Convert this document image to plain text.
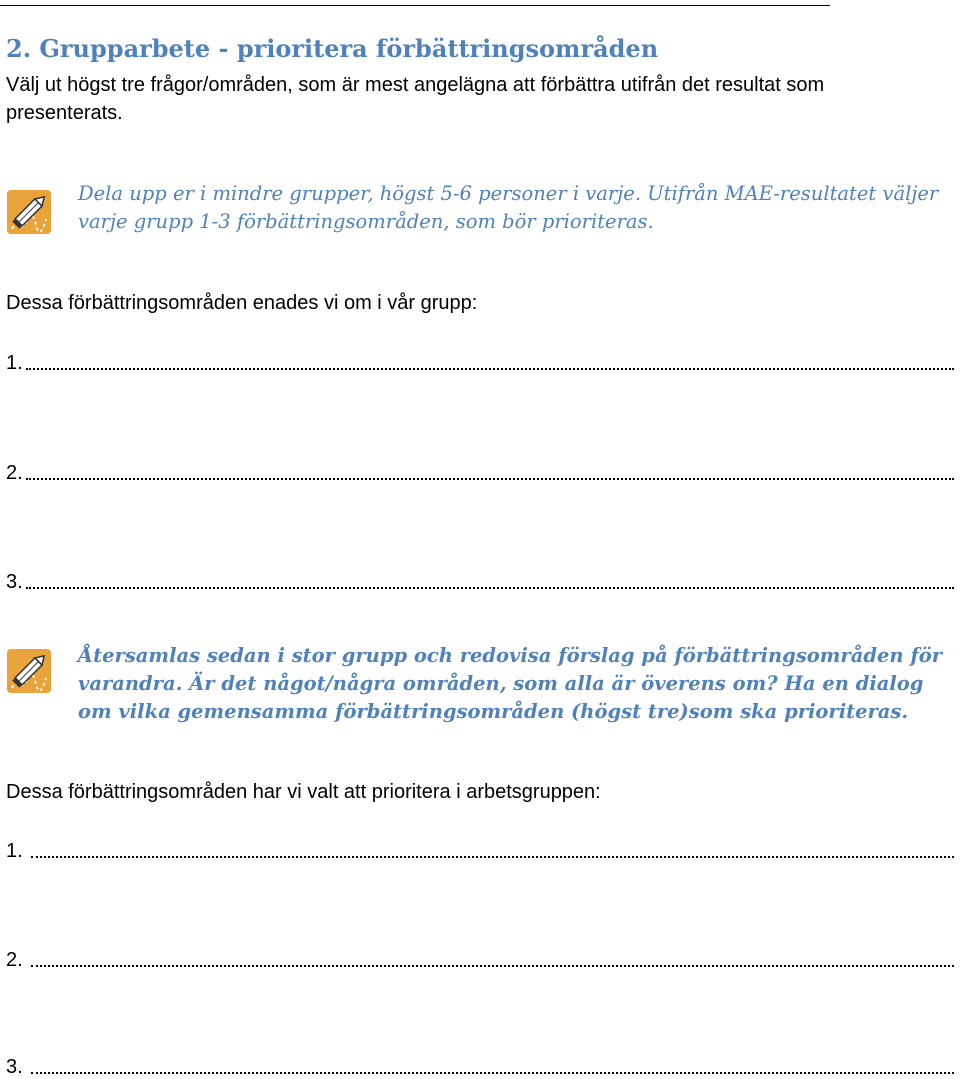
2. Grupparbete - prioritera förbättringsområden

Välj ut högst tre frågor/områden, som är mest angelägna att förbättra utifrån det resultat som presenterats.

Dela upp er i mindre grupper, högst 5-6 personer i varje. Utifrån MAE-resultatet väljer varje grupp 1-3 förbättringsområden, som bör prioriteras.

Dessa förbättringsområden enades vi om i vår grupp:

1.
2.
3.

Återsamlas sedan i stor grupp och redovisa förslag på förbättringsområden för varandra. Är det något/några områden, som alla är överens om? Ha en dialog om vilka gemensamma förbättringsområden (högst tre)som ska prioriteras.

Dessa förbättringsområden har vi valt att prioritera i arbetsgruppen:

1.
2.
3.
